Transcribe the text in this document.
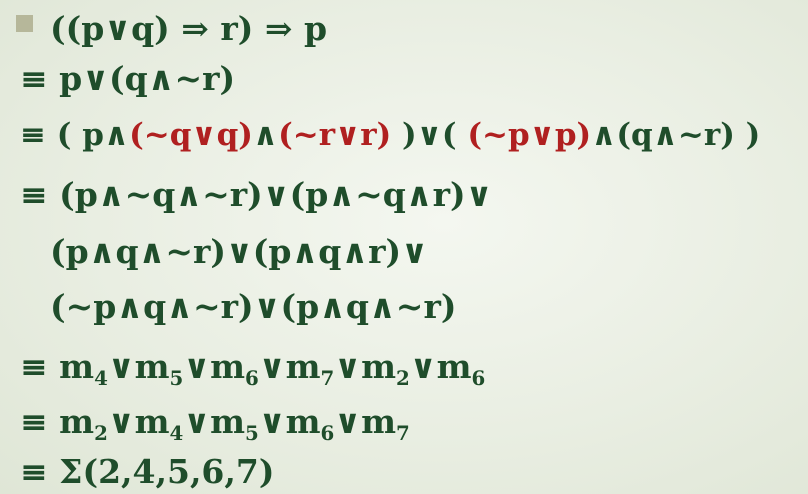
((p∨q) ⇒ r) ⇒ p
≡ p∨(q∧~r)
≡ ( p∧(~q∨q)∧(~r∨r) )∨( (~p∨p)∧(q∧~r) )
≡ (p∧~q∧~r)∨(p∧~q∧r)∨
(p∧q∧~r)∨(p∧q∧r)∨
(~p∧q∧~r)∨(p∧q∧~r)
≡ $m_4\vee m_5\vee m_6\vee m_7\vee m_2\vee m_6$
≡ $m_2\vee m_4\vee m_5\vee m_6\vee m_7$
≡ Σ(2,4,5,6,7)
